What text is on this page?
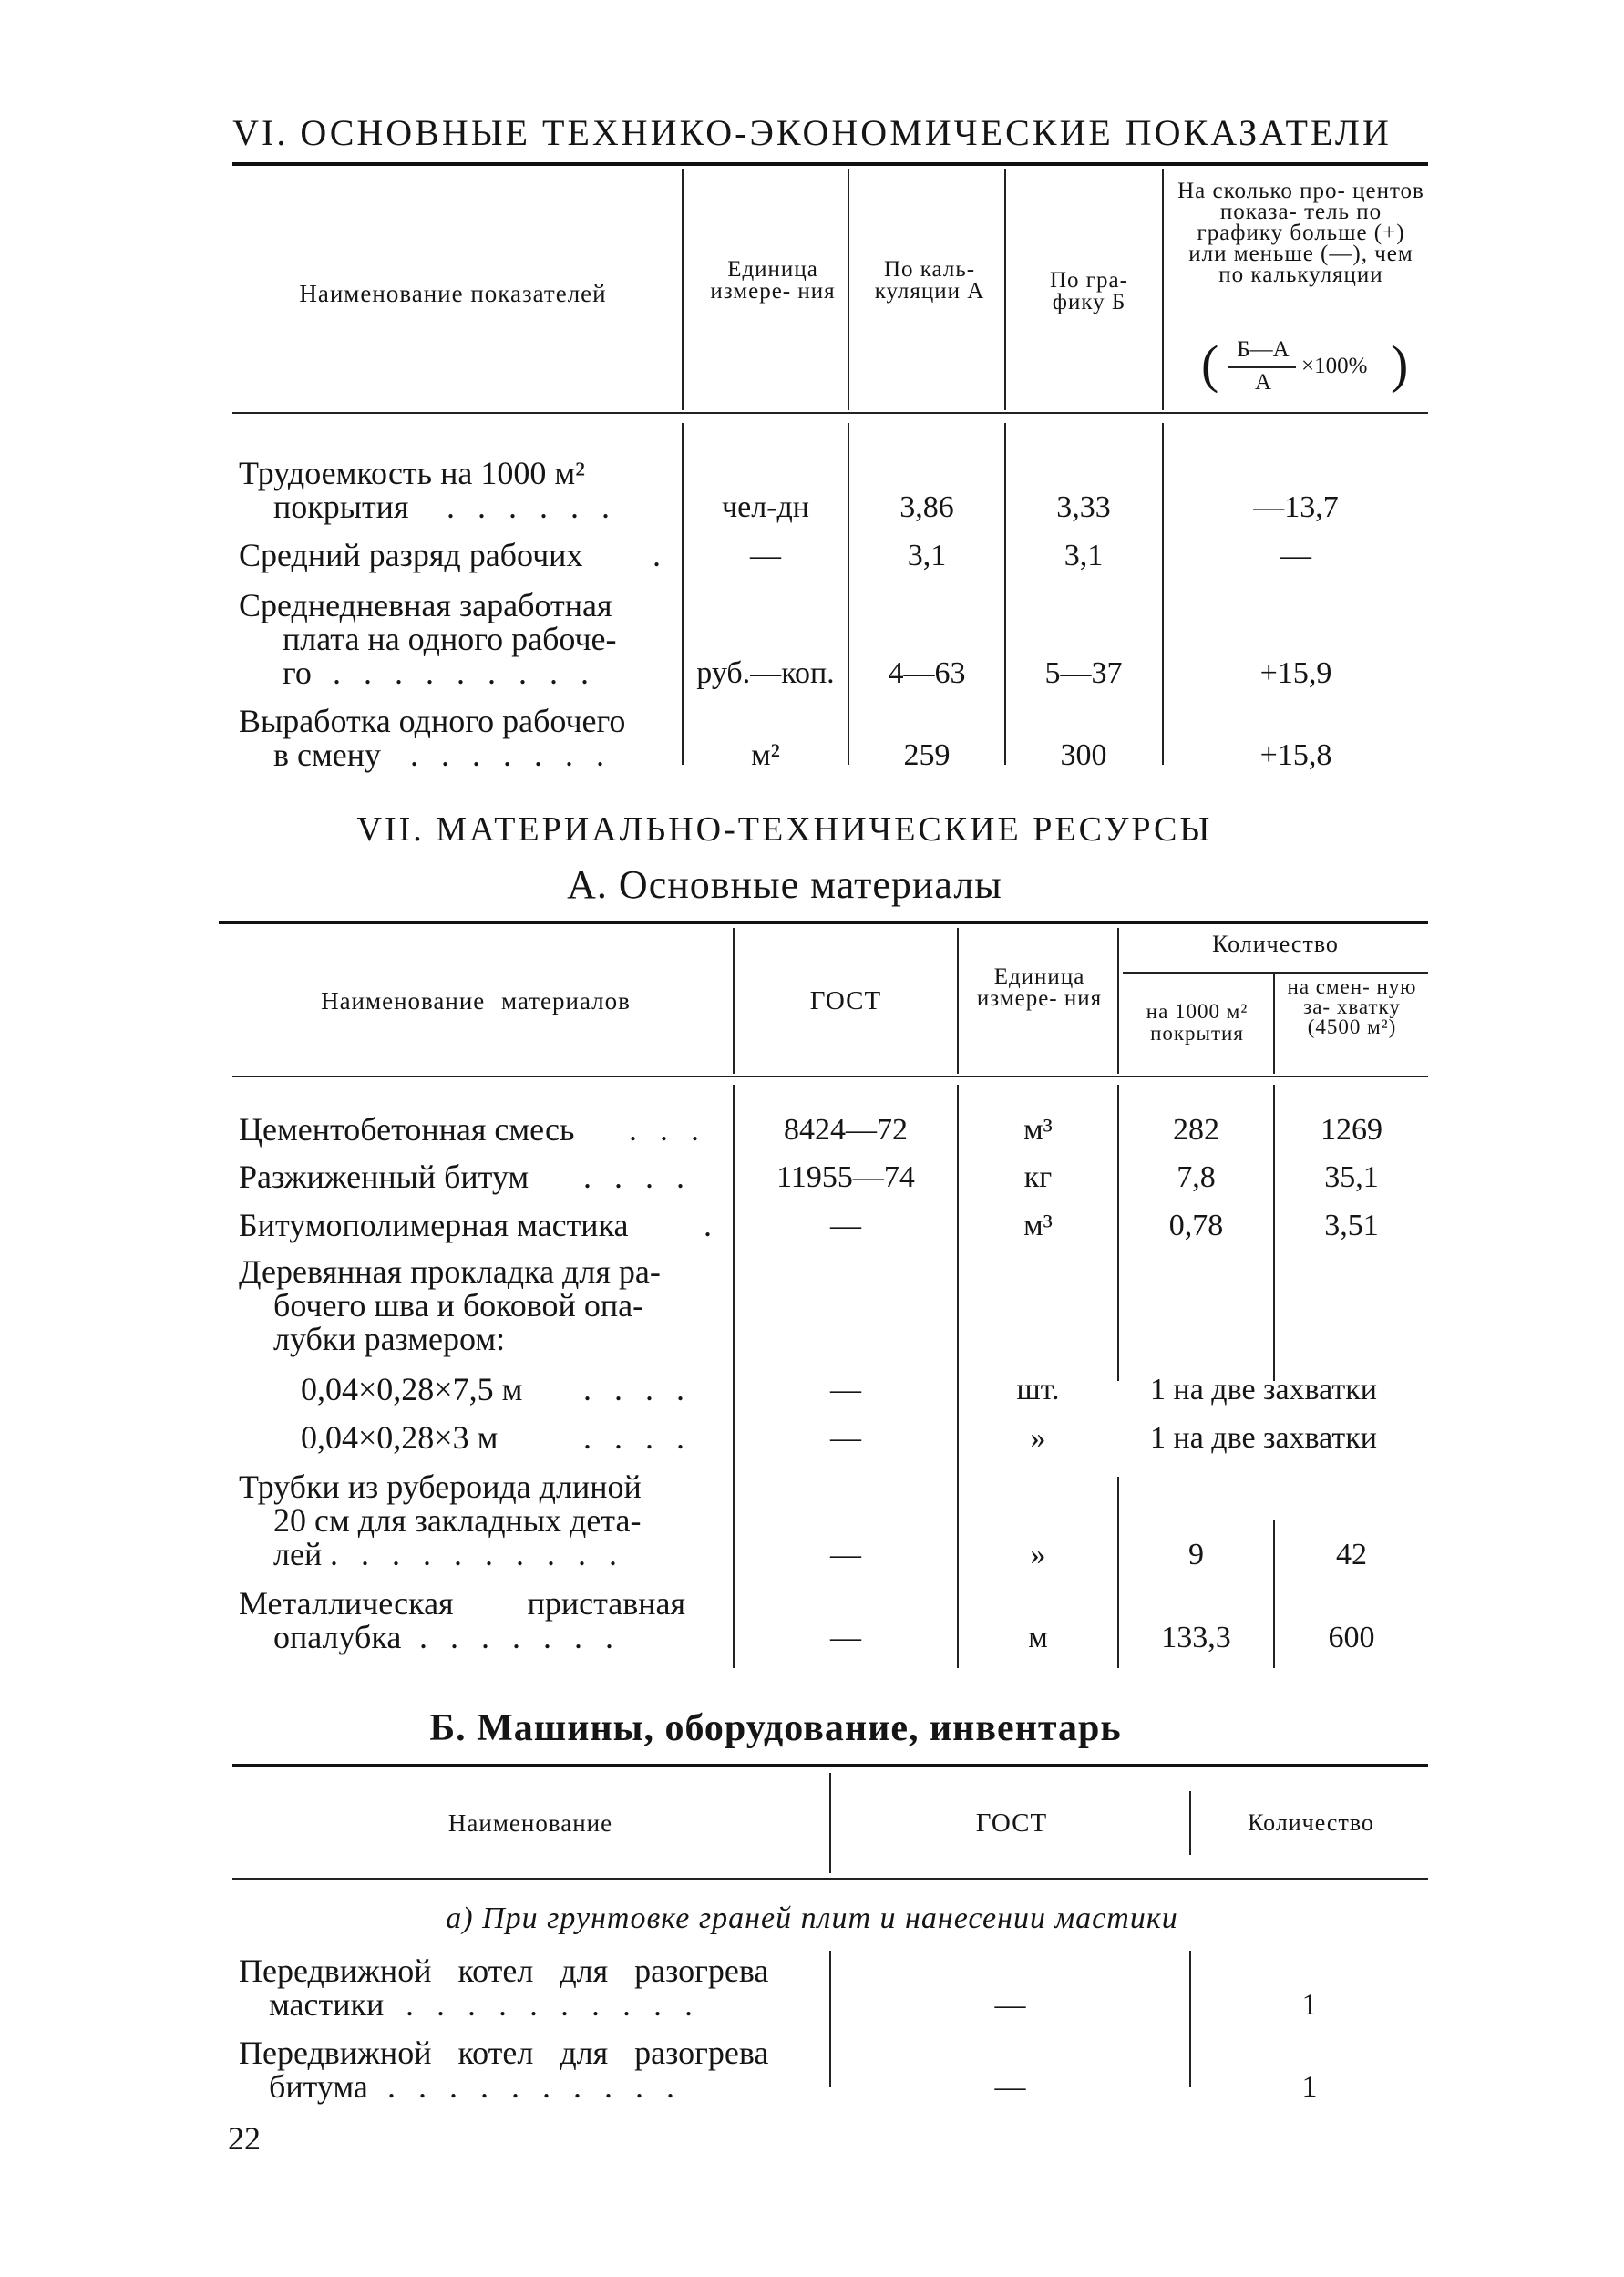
VI. ОСНОВНЫЕ ТЕХНИКО-ЭКОНОМИЧЕСКИЕ ПОКАЗАТЕЛИ
Наименование показателей
Единица измере- ния
По каль- куляции А	По гра- фику Б
На сколько про- центов показа- тель по графику больше (+) или меньше (—), чем по калькуляции
( Б—А
А
×100% )
Трудоемкость на 1000 м²
покрытия . . . . . .	чел-дн	3,86	3,33	—13,7
Средний разряд рабочих .	—	3,1	3,1	—
Среднедневная заработная
плата на одного рабоче-
го . . . . . . . . .	руб.—коп.	4—63	5—37	+15,9
Выработка одного рабочего
в смену . . . . . . .	м²	259	300	+15,8
VII. МАТЕРИАЛЬНО-ТЕХНИЧЕСКИЕ РЕСУРСЫ
А. Основные материалы
Наименование материалов	ГОСТ
Единица измере- ния
Количество
на 1000 м² покрытия
на смен- ную за- хватку (4500 м²)
Цементобетонная смесь . . .	8424—72	м³	282	1269
Разжиженный битум . . . .	11955—74	кг	7,8	35,1
Битумополимерная мастика .	—	м³	0,78	3,51
Деревянная прокладка для ра-
бочего шва и боковой опа-
лубки размером:
0,04×0,28×7,5 м . . . .	—	шт.	1 на две захватки
0,04×0,28×3 м	. . . .	—	»	1 на две захватки
Трубки из рубероида длиной
20 см для закладных дета-
лей . . . . . . . . . .	—	»	9	42
Металлическая приставная
опалубка . . . . . . .	—	м	133,3	600
Б. Машины, оборудование, инвентарь
Наименование	ГОСТ	Количество
а) При грунтовке граней плит и нанесении мастики
Передвижной котел для разогрева
мастики . . . . . . . . . .	—	1
Передвижной котел для разогрева
битума . . . . . . . . . .	—	1
22
